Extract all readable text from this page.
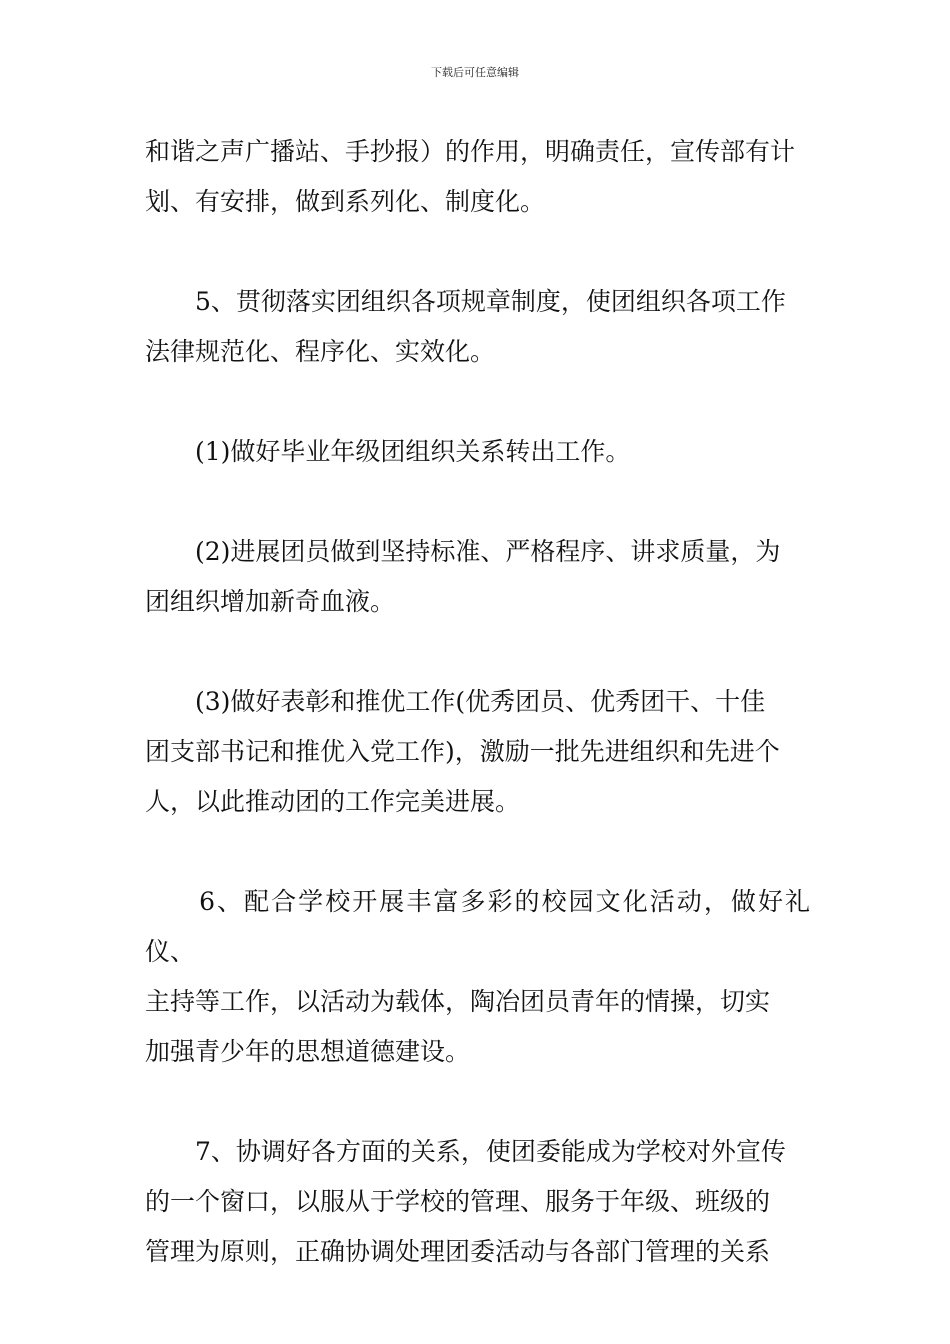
下载后可任意编辑
和谐之声广播站、手抄报）的作用，明确责任，宣传部有计
划、有安排，做到系列化、制度化。
　　5、贯彻落实团组织各项规章制度，使团组织各项工作
法律规范化、程序化、实效化。
　　(1)做好毕业年级团组织关系转出工作。
　　(2)进展团员做到坚持标准、严格程序、讲求质量，为
团组织增加新奇血液。
　　(3)做好表彰和推优工作(优秀团员、优秀团干、十佳
团支部书记和推优入党工作)，激励一批先进组织和先进个
人，以此推动团的工作完美进展。
　　6、配合学校开展丰富多彩的校园文化活动，做好礼仪、
主持等工作，以活动为载体，陶冶团员青年的情操，切实
加强青少年的思想道德建设。
　　7、协调好各方面的关系，使团委能成为学校对外宣传
的一个窗口，以服从于学校的管理、服务于年级、班级的
管理为原则，正确协调处理团委活动与各部门管理的关系
